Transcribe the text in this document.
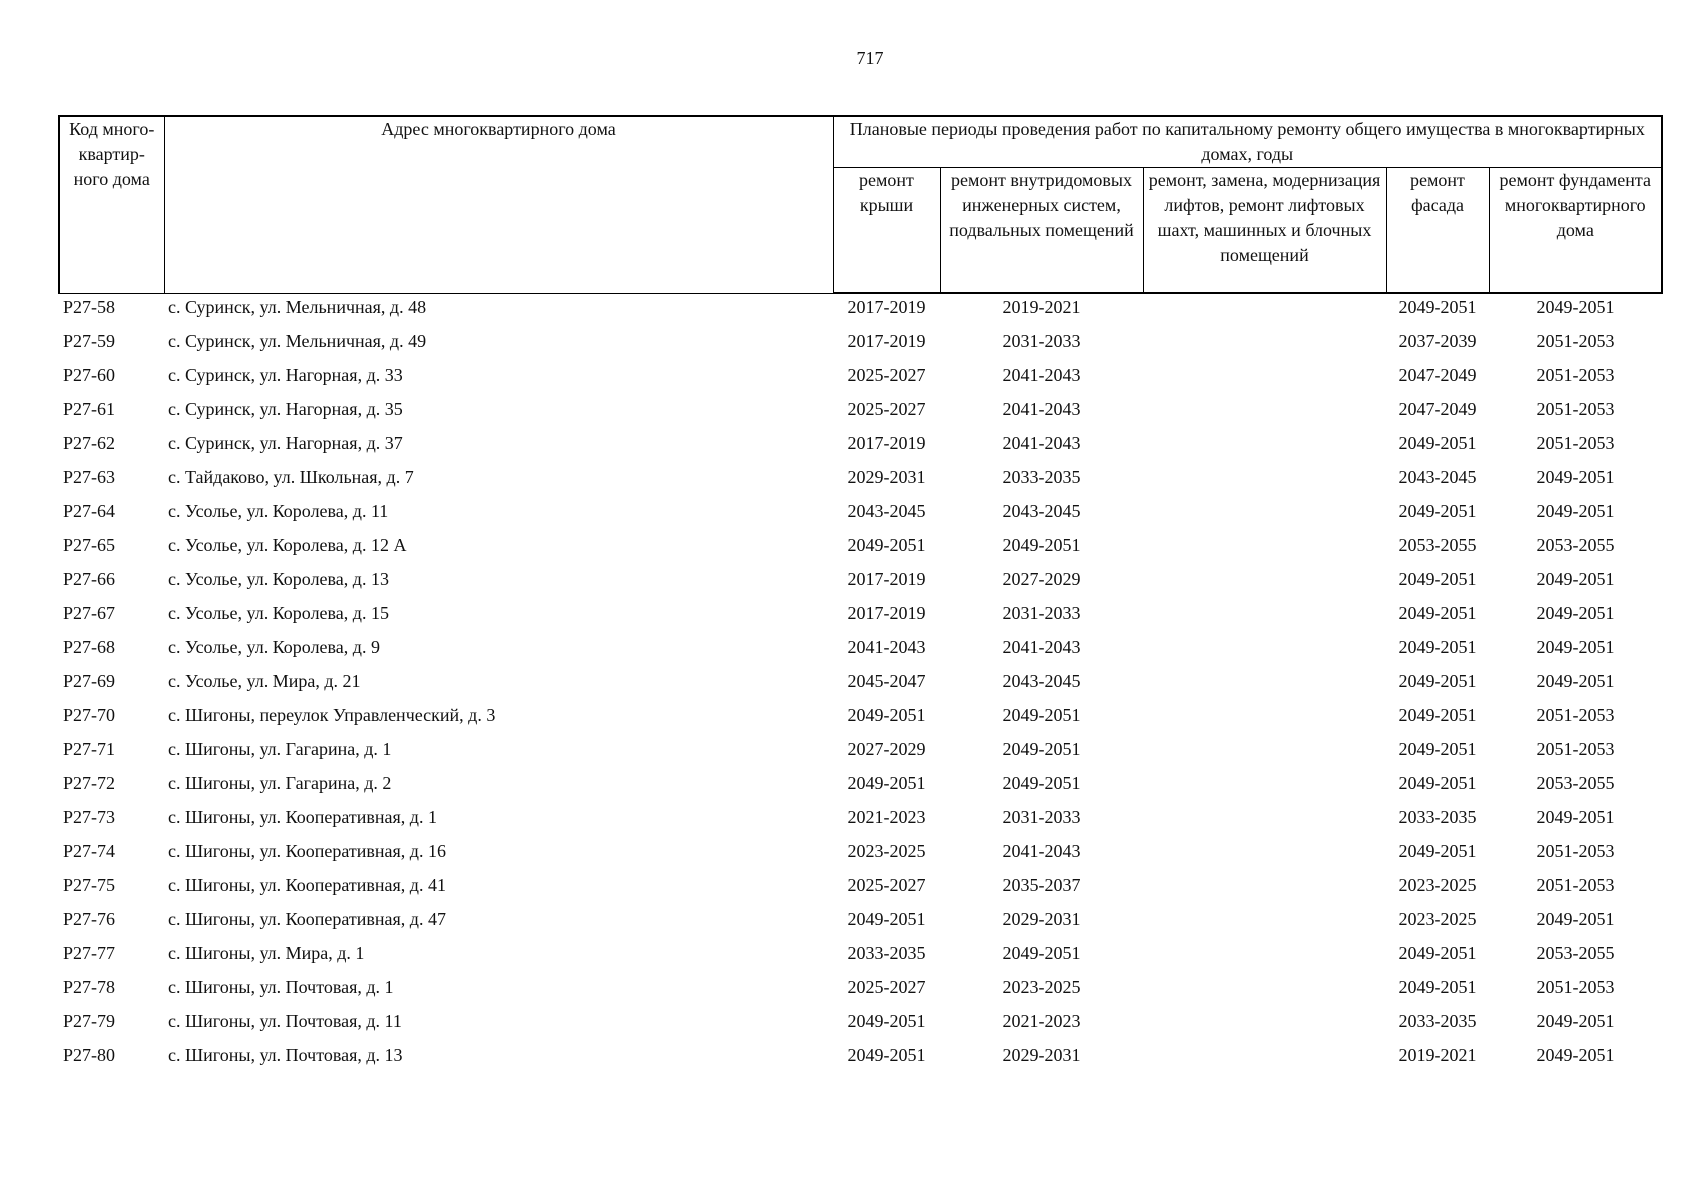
717
Код много-квартир-ного дома	Адрес многоквартирного дома	Плановые периоды проведения работ по капитальному ремонту общего имущества в многоквартирных домах, годы				
		ремонт крыши	ремонт внутридомовых инженерных систем, подвальных помещений	ремонт, замена, модернизация лифтов, ремонт лифтовых шахт, машинных и блочных помещений	ремонт фасада	ремонт фундамента многоквартирного дома
Р27-58	с. Суринск, ул. Мельничная, д. 48	2017-2019	2019-2021		2049-2051	2049-2051
Р27-59	с. Суринск, ул. Мельничная, д. 49	2017-2019	2031-2033		2037-2039	2051-2053
Р27-60	с. Суринск, ул. Нагорная, д. 33	2025-2027	2041-2043		2047-2049	2051-2053
Р27-61	с. Суринск, ул. Нагорная, д. 35	2025-2027	2041-2043		2047-2049	2051-2053
Р27-62	с. Суринск, ул. Нагорная, д. 37	2017-2019	2041-2043		2049-2051	2051-2053
Р27-63	с. Тайдаково, ул. Школьная, д. 7	2029-2031	2033-2035		2043-2045	2049-2051
Р27-64	с. Усолье, ул. Королева, д. 11	2043-2045	2043-2045		2049-2051	2049-2051
Р27-65	с. Усолье, ул. Королева, д. 12 А	2049-2051	2049-2051		2053-2055	2053-2055
Р27-66	с. Усолье, ул. Королева, д. 13	2017-2019	2027-2029		2049-2051	2049-2051
Р27-67	с. Усолье, ул. Королева, д. 15	2017-2019	2031-2033		2049-2051	2049-2051
Р27-68	с. Усолье, ул. Королева, д. 9	2041-2043	2041-2043		2049-2051	2049-2051
Р27-69	с. Усолье, ул. Мира, д. 21	2045-2047	2043-2045		2049-2051	2049-2051
Р27-70	с. Шигоны, переулок Управленческий, д. 3	2049-2051	2049-2051		2049-2051	2051-2053
Р27-71	с. Шигоны, ул. Гагарина, д. 1	2027-2029	2049-2051		2049-2051	2051-2053
Р27-72	с. Шигоны, ул. Гагарина, д. 2	2049-2051	2049-2051		2049-2051	2053-2055
Р27-73	с. Шигоны, ул. Кооперативная, д. 1	2021-2023	2031-2033		2033-2035	2049-2051
Р27-74	с. Шигоны, ул. Кооперативная, д. 16	2023-2025	2041-2043		2049-2051	2051-2053
Р27-75	с. Шигоны, ул. Кооперативная, д. 41	2025-2027	2035-2037		2023-2025	2051-2053
Р27-76	с. Шигоны, ул. Кооперативная, д. 47	2049-2051	2029-2031		2023-2025	2049-2051
Р27-77	с. Шигоны, ул. Мира, д. 1	2033-2035	2049-2051		2049-2051	2053-2055
Р27-78	с. Шигоны, ул. Почтовая, д. 1	2025-2027	2023-2025		2049-2051	2051-2053
Р27-79	с. Шигоны, ул. Почтовая, д. 11	2049-2051	2021-2023		2033-2035	2049-2051
Р27-80	с. Шигоны, ул. Почтовая, д. 13	2049-2051	2029-2031		2019-2021	2049-2051
